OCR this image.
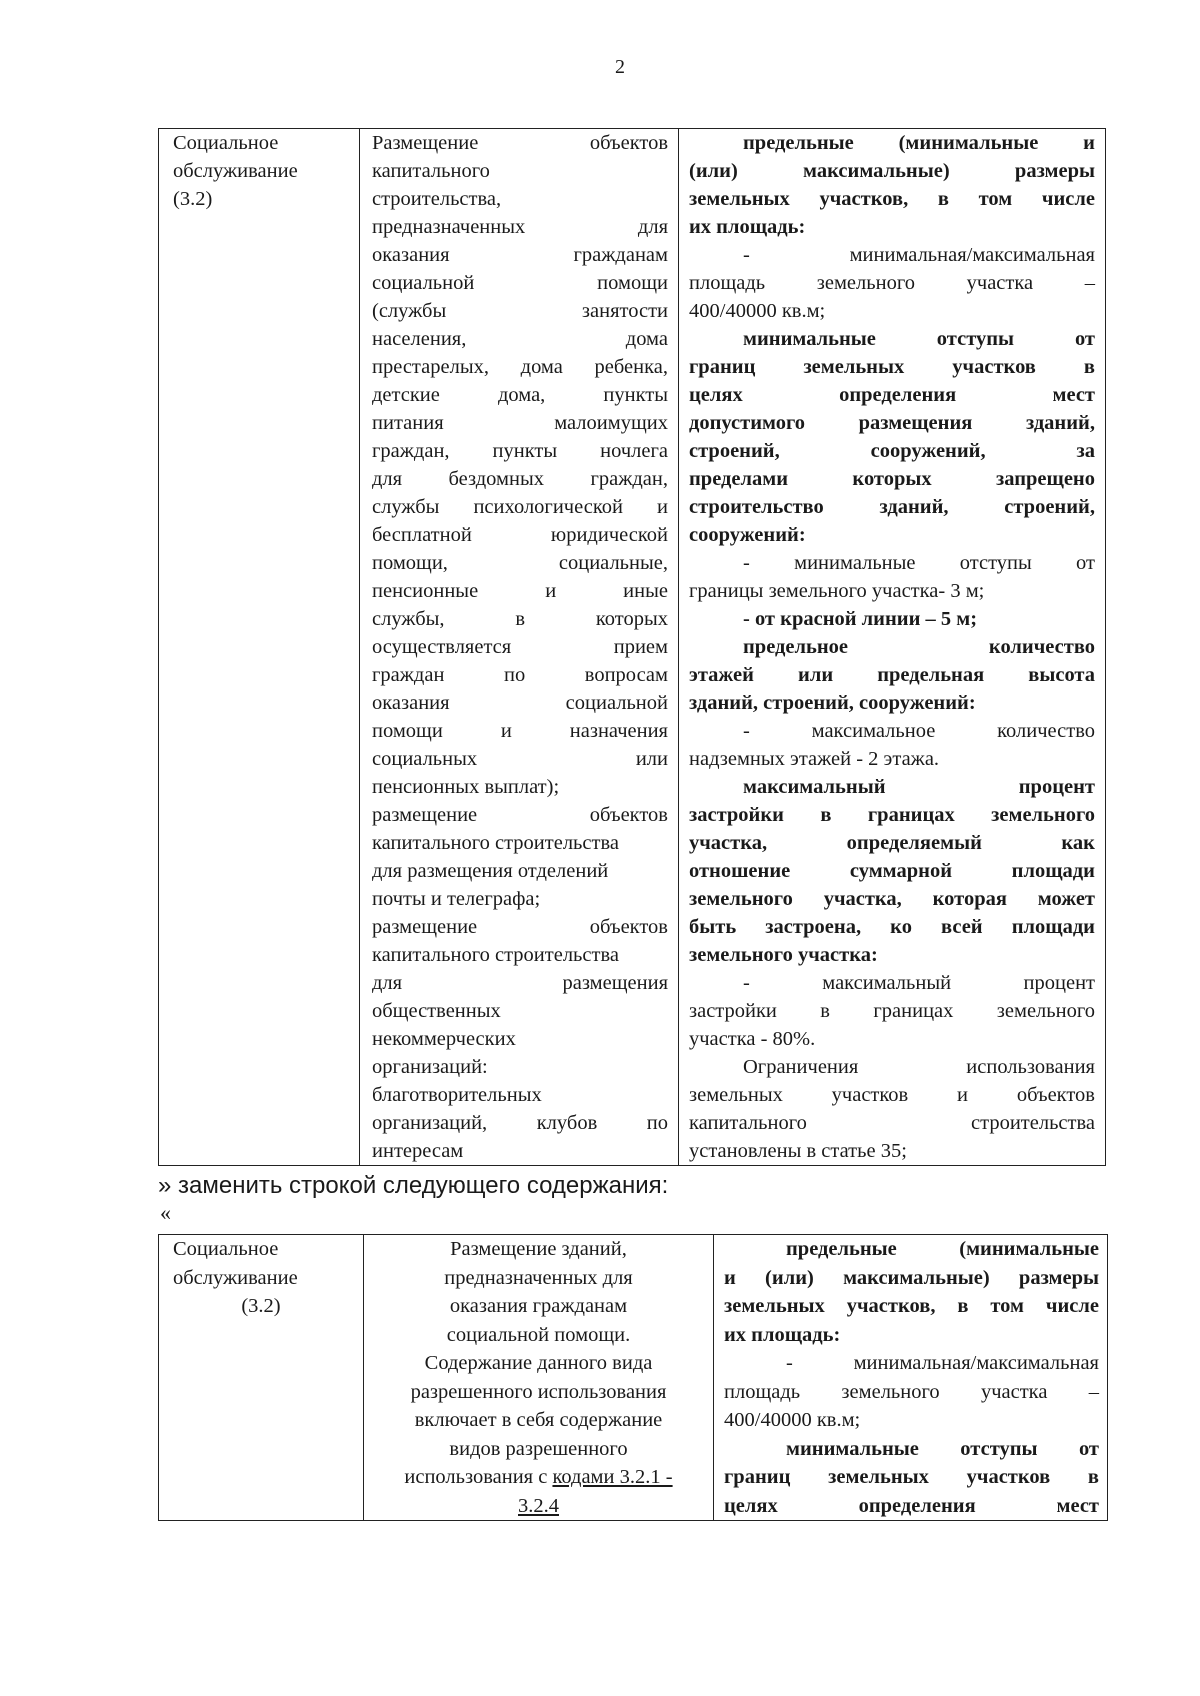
2
Социальное
обслуживание
(3.2)

Размещение объектов
капитального
строительства,
предназначенных для
оказания гражданам
социальной помощи
(службы занятости
населения, дома
престарелых, дома ребенка,
детские дома, пункты
питания малоимущих
граждан, пункты ночлега
для бездомных граждан,
службы психологической и
бесплатной юридической
помощи, социальные,
пенсионные и иные
службы, в которых
осуществляется прием
граждан по вопросам
оказания социальной
помощи и назначения
социальных или
пенсионных выплат);
размещение объектов
капитального строительства
для размещения отделений
почты и телеграфа;
размещение объектов
капитального строительства
для размещения
общественных
некоммерческих
организаций:
благотворительных
организаций, клубов по
интересам

предельные (минимальные и
(или) максимальные) размеры
земельных участков, в том числе
их площадь:
- минимальная/максимальная
площадь земельного участка –
400/40000 кв.м;
минимальные отступы от
границ земельных участков в
целях определения мест
допустимого размещения зданий,
строений, сооружений, за
пределами которых запрещено
строительство зданий, строений,
сооружений:
- минимальные отступы от
границы земельного участка- 3 м;
- от красной линии – 5 м;
предельное количество
этажей или предельная высота
зданий, строений, сооружений:
- максимальное количество
надземных этажей - 2 этажа.
максимальный процент
застройки в границах земельного
участка, определяемый как
отношение суммарной площади
земельного участка, которая может
быть застроена, ко всей площади
земельного участка:
- максимальный процент
застройки в границах земельного
участка - 80%.
Ограничения использования
земельных участков и объектов
капитального строительства
установлены в статье 35;
» заменить строкой следующего содержания:
«
Социальное
обслуживание
(3.2)

Размещение зданий,
предназначенных для
оказания гражданам
социальной помощи.
Содержание данного вида
разрешенного использования
включает в себя содержание
видов разрешенного
использования с кодами 3.2.1 -
3.2.4

предельные (минимальные
и (или) максимальные) размеры
земельных участков, в том числе
их площадь:
- минимальная/максимальная
площадь земельного участка –
400/40000 кв.м;
минимальные отступы от
границ земельных участков в
целях определения мест
